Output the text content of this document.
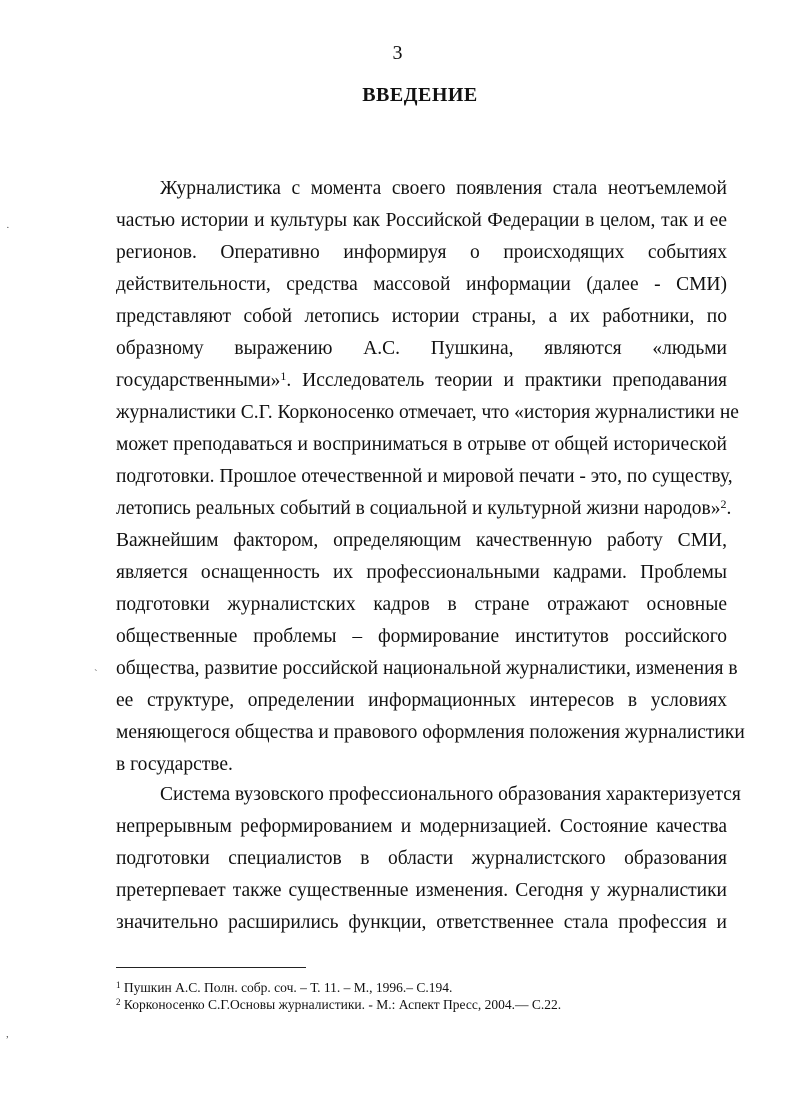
3
ВВЕДЕНИЕ
Журналистика с момента своего появления стала неотъемлемой
частью истории и культуры как Российской Федерации в целом, так и ее
регионов. Оперативно информируя о происходящих событиях
действительности, средства массовой информации (далее - СМИ)
представляют собой летопись истории страны, а их работники, по
образному выражению А.С. Пушкина, являются «людьми
государственными»$^1$. Исследователь теории и практики преподавания
журналистики С.Г. Корконосенко отмечает, что «история журналистики не
может преподаваться и восприниматься в отрыве от общей исторической
подготовки. Прошлое отечественной и мировой печати - это, по существу,
летопись реальных событий в социальной и культурной жизни народов»$^2$.
Важнейшим фактором, определяющим качественную работу СМИ,
является оснащенность их профессиональными кадрами. Проблемы
подготовки журналистских кадров в стране отражают основные
общественные проблемы – формирование институтов российского
общества, развитие российской национальной журналистики, изменения в
ее структуре, определении информационных интересов в условиях
меняющегося общества и правового оформления положения журналистики
в государстве.
Система вузовского профессионального образования характеризуется
непрерывным реформированием и модернизацией. Состояние качества
подготовки специалистов в области журналистского образования
претерпевает также существенные изменения. Сегодня у журналистики
значительно расширились функции, ответственнее стала профессия и
$^1$ Пушкин А.С. Полн. собр. соч. – Т. 11. – М., 1996.– С.194.
$^2$ Корконосенко С.Г.Основы журналистики. - М.: Аспект Пресс, 2004.— С.22.
·
`
,
